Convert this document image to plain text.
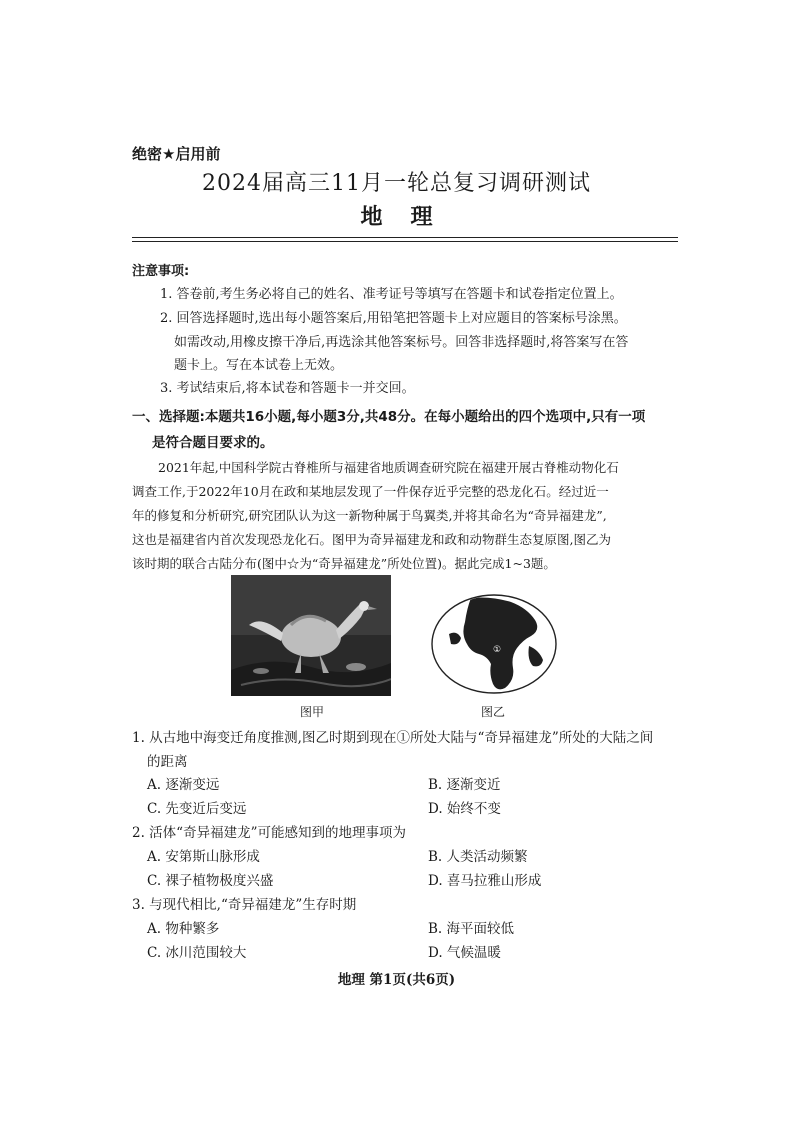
绝密★启用前
2024届高三11月一轮总复习调研测试
地理
注意事项:
1. 答卷前,考生务必将自己的姓名、准考证号等填写在答题卡和试卷指定位置上。
2. 回答选择题时,选出每小题答案后,用铅笔把答题卡上对应题目的答案标号涂黑。
如需改动,用橡皮擦干净后,再选涂其他答案标号。回答非选择题时,将答案写在答
题卡上。写在本试卷上无效。
3. 考试结束后,将本试卷和答题卡一并交回。
一、选择题:本题共16小题,每小题3分,共48分。在每小题给出的四个选项中,只有一项
是符合题目要求的。
2021年起,中国科学院古脊椎所与福建省地质调查研究院在福建开展古脊椎动物化石
调查工作,于2022年10月在政和某地层发现了一件保存近乎完整的恐龙化石。经过近一
年的修复和分析研究,研究团队认为这一新物种属于鸟翼类,并将其命名为“奇异福建龙”,
这也是福建省内首次发现恐龙化石。图甲为奇异福建龙和政和动物群生态复原图,图乙为
该时期的联合古陆分布(图中☆为“奇异福建龙”所处位置)。据此完成1~3题。
图甲
①
图乙
1. 从古地中海变迁角度推测,图乙时期到现在①所处大陆与“奇异福建龙”所处的大陆之间
的距离
A. 逐渐变远	B. 逐渐变近
C. 先变近后变远	D. 始终不变
2. 活体“奇异福建龙”可能感知到的地理事项为
A. 安第斯山脉形成	B. 人类活动频繁
C. 裸子植物极度兴盛	D. 喜马拉雅山形成
3. 与现代相比,“奇异福建龙”生存时期
A. 物种繁多	B. 海平面较低
C. 冰川范围较大	D. 气候温暖
地理 第1页(共6页)
